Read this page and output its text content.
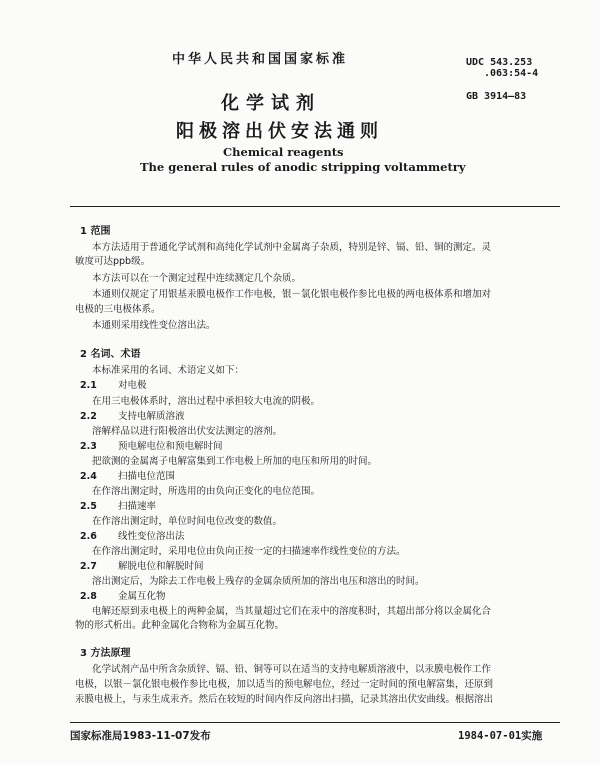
中华人民共和国国家标准	UDC 543.253
.063:54-4
GB 3914—83
化学试剂
阳极溶出伏安法通则
Chemical reagents
The general rules of anodic stripping voltammetry
1 范围
本方法适用于普通化学试剂和高纯化学试剂中金属离子杂质，特别是锌、镉、铅、铜的测定。灵
敏度可达ppb级。
本方法可以在一个测定过程中连续测定几个杂质。
本通则仅规定了用银基汞膜电极作工作电极，银－氯化银电极作参比电极的两电极体系和增加对
电极的三电极体系。
本通则采用线性变位溶出法。
2 名词、术语
本标准采用的名词、术语定义如下：
2.1 对电极
在用三电极体系时，溶出过程中承担较大电流的阴极。
2.2 支持电解质溶液
溶解样品以进行阳极溶出伏安法测定的溶剂。
2.3 预电解电位和预电解时间
把欲测的金属离子电解富集到工作电极上所加的电压和所用的时间。
2.4 扫描电位范围
在作溶出测定时，所选用的由负向正变化的电位范围。
2.5 扫描速率
在作溶出测定时，单位时间电位改变的数值。
2.6 线性变位溶出法
在作溶出测定时，采用电位由负向正按一定的扫描速率作线性变位的方法。
2.7 解脱电位和解脱时间
溶出测定后，为除去工作电极上残存的金属杂质所加的溶出电压和溶出的时间。
2.8 金属互化物
电解还原到汞电极上的两种金属，当其量超过它们在汞中的溶度积时，其超出部分将以金属化合
物的形式析出。此种金属化合物称为金属互化物。
3 方法原理
化学试剂产品中所含杂质锌、镉、铅、铜等可以在适当的支持电解质溶液中，以汞膜电极作工作
电极，以银－氯化银电极作参比电极，加以适当的预电解电位，经过一定时间的预电解富集，还原到
汞膜电极上，与汞生成汞齐。然后在较短的时间内作反向溶出扫描，记录其溶出伏安曲线。根据溶出
国家标准局1983-11-07发布	1984-07-01实施
